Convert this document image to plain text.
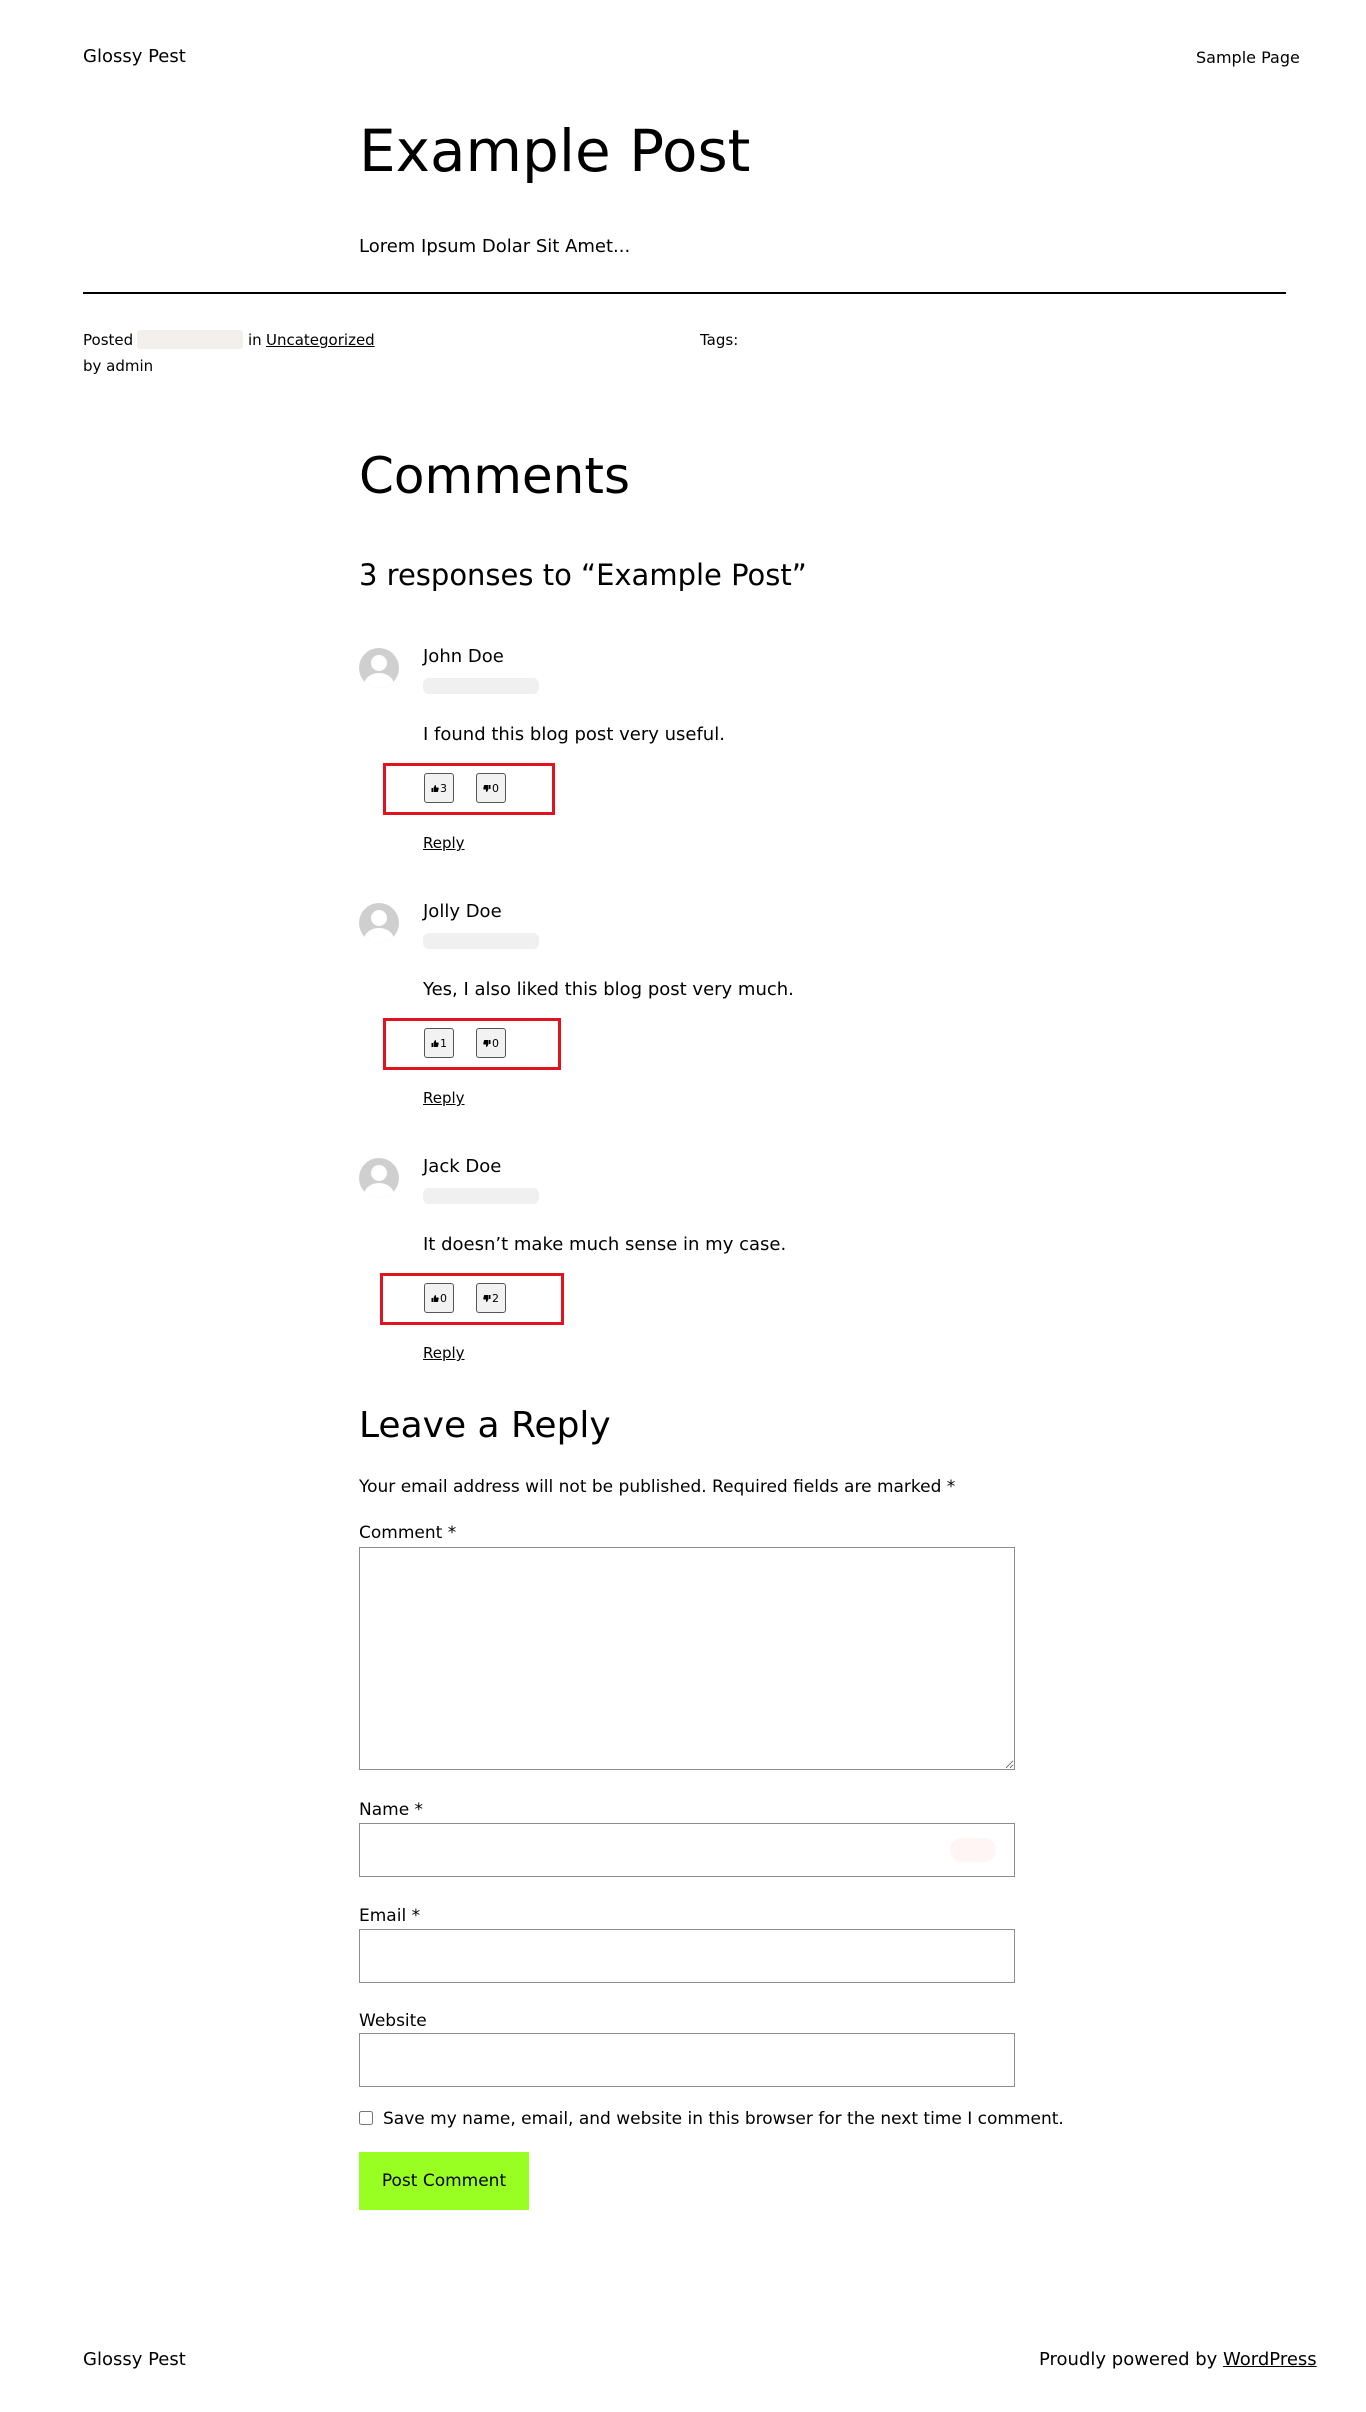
Glossy Pest	Sample Page
Example Post
Lorem Ipsum Dolar Sit Amet...
Posted	in Uncategorized
by admin
Tags:
Comments
3 responses to “Example Post”
John Doe
I found this blog post very useful.
3	0
Reply
Jolly Doe
Yes, I also liked this blog post very much.
1	0
Reply
Jack Doe
It doesn’t make much sense in my case.
0	2
Reply
Leave a Reply
Your email address will not be published. Required fields are marked *
Comment *
Name *
Email *
Website
Save my name, email, and website in this browser for the next time I comment.
Post Comment
Glossy Pest	Proudly powered by WordPress
